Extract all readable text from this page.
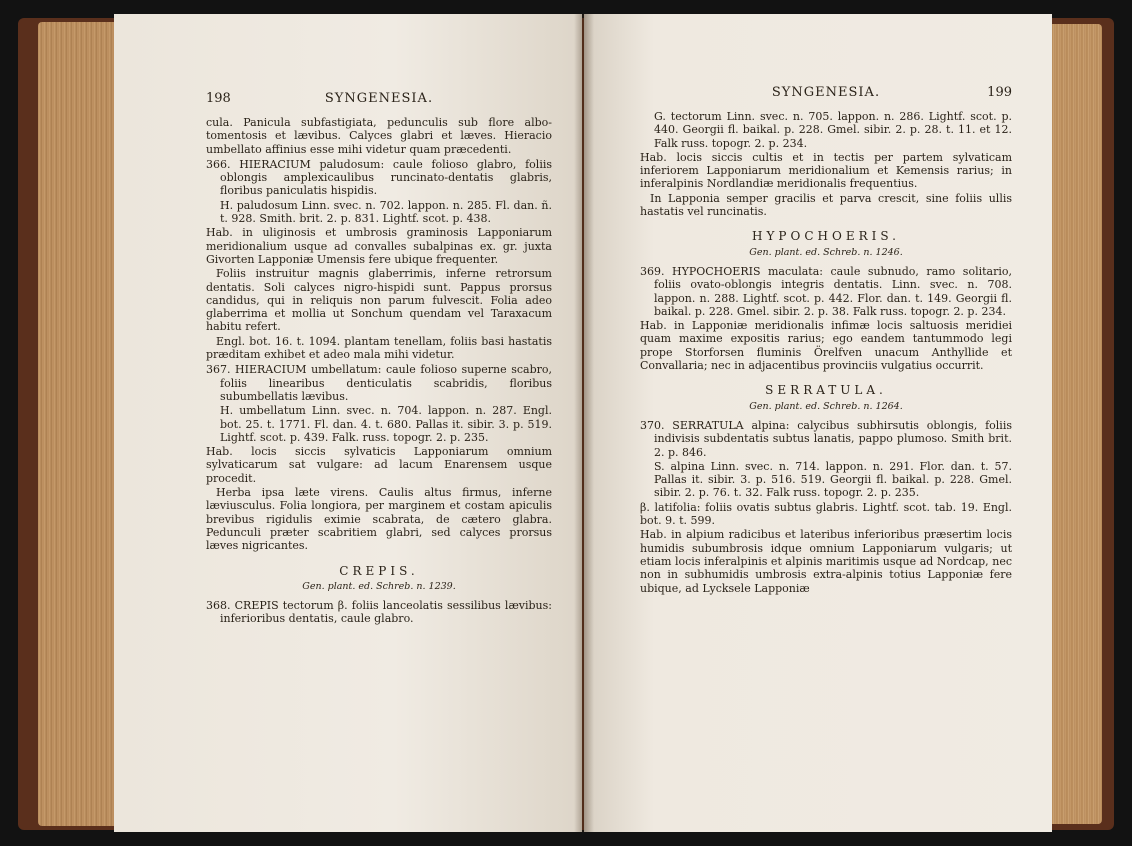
198	SYNGENESIA.

cula. Panicula subfastigiata, pedunculis sub flore albo-tomentosis et lævibus. Calyces glabri et læves. Hieracio umbellato affinius esse mihi videtur quam præcedenti.

366. HIERACIUM paludosum: caule folioso glabro, foliis oblongis amplexicaulibus runcinato-dentatis glabris, floribus paniculatis hispidis.

H. paludosum Linn. svec. n. 702. lappon. n. 285. Fl. dan. ñ. t. 928. Smith. brit. 2. p. 831. Lightf. scot. p. 438.

Hab. in uliginosis et umbrosis graminosis Lapponiarum meridionalium usque ad convalles subalpinas ex. gr. juxta Givorten Lapponiæ Umensis fere ubique frequenter.

Foliis instruitur magnis glaberrimis, inferne retrorsum dentatis. Soli calyces nigro-hispidi sunt. Pappus prorsus candidus, qui in reliquis non parum fulvescit. Folia adeo glaberrima et mollia ut Sonchum quendam vel Taraxacum habitu refert.

Engl. bot. 16. t. 1094. plantam tenellam, foliis basi hastatis præditam exhibet et adeo mala mihi videtur.

367. HIERACIUM umbellatum: caule folioso superne scabro, foliis linearibus denticulatis scabridis, floribus subumbellatis lævibus.

H. umbellatum Linn. svec. n. 704. lappon. n. 287. Engl. bot. 25. t. 1771. Fl. dan. 4. t. 680. Pallas it. sibir. 3. p. 519. Lightf. scot. p. 439. Falk. russ. topogr. 2. p. 235.

Hab. locis siccis sylvaticis Lapponiarum omnium sylvaticarum sat vulgare: ad lacum Enarensem usque procedit.

Herba ipsa læte virens. Caulis altus firmus, inferne læviusculus. Folia longiora, per marginem et costam apiculis brevibus rigidulis eximie scabrata, de cætero glabra. Pedunculi præter scabritiem glabri, sed calyces prorsus læves nigricantes.

CREPIS.
Gen. plant. ed. Schreb. n. 1239.

368. CREPIS tectorum β. foliis lanceolatis sessilibus lævibus: inferioribus dentatis, caule glabro.

SYNGENESIA.	199

G. tectorum Linn. svec. n. 705. lappon. n. 286. Lightf. scot. p. 440. Georgii fl. baikal. p. 228. Gmel. sibir. 2. p. 28. t. 11. et 12. Falk russ. topogr. 2. p. 234.

Hab. locis siccis cultis et in tectis per partem sylvaticam inferiorem Lapponiarum meridionalium et Kemensis rarius; in inferalpinis Nordlandiæ meridionalis frequentius.

In Lapponia semper gracilis et parva crescit, sine foliis ullis hastatis vel runcinatis.

HYPOCHOERIS.
Gen. plant. ed. Schreb. n. 1246.

369. HYPOCHOERIS maculata: caule subnudo, ramo solitario, foliis ovato-oblongis integris dentatis. Linn. svec. n. 708. lappon. n. 288. Lightf. scot. p. 442. Flor. dan. t. 149. Georgii fl. baikal. p. 228. Gmel. sibir. 2. p. 38. Falk russ. topogr. 2. p. 234.

Hab. in Lapponiæ meridionalis infimæ locis saltuosis meridiei quam maxime expositis rarius; ego eandem tantummodo legi prope Storforsen fluminis Örelfven unacum Anthyllide et Convallaria; nec in adjacentibus provinciis vulgatius occurrit.

SERRATULA.
Gen. plant. ed. Schreb. n. 1264.

370. SERRATULA alpina: calycibus subhirsutis oblongis, foliis indivisis subdentatis subtus lanatis, pappo plumoso. Smith brit. 2. p. 846.

S. alpina Linn. svec. n. 714. lappon. n. 291. Flor. dan. t. 57. Pallas it. sibir. 3. p. 516. 519. Georgii fl. baikal. p. 228. Gmel. sibir. 2. p. 76. t. 32. Falk russ. topogr. 2. p. 235.

β. latifolia: foliis ovatis subtus glabris. Lightf. scot. tab. 19. Engl. bot. 9. t. 599.

Hab. in alpium radicibus et lateribus inferioribus præsertim locis humidis subumbrosis idque omnium Lapponiarum vulgaris; ut etiam locis inferalpinis et alpinis maritimis usque ad Nordcap, nec non in subhumidis umbrosis extra-alpinis totius Lapponiæ fere ubique, ad Lycksele Lapponiæ
